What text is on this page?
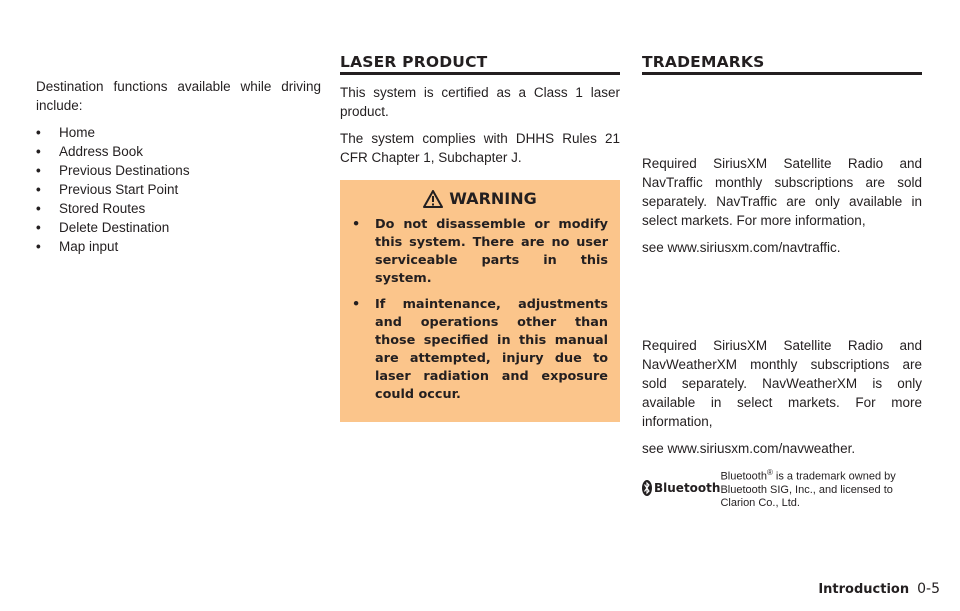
Destination functions available while driving include:

• Home
• Address Book
• Previous Destinations
• Previous Start Point
• Stored Routes
• Delete Destination
• Map input
LASER PRODUCT

This system is certified as a Class 1 laser product.

The system complies with DHHS Rules 21 CFR Chapter 1, Subchapter J.

WARNING
• Do not disassemble or modify this system. There are no user serviceable parts in this system.
• If maintenance, adjustments and operations other than those specified in this manual are attempted, injury due to laser radiation and exposure could occur.
TRADEMARKS

Required SiriusXM Satellite Radio and NavTraffic monthly subscriptions are sold separately. NavTraffic are only available in select markets. For more information,

see www.siriusxm.com/navtraffic.

Required SiriusXM Satellite Radio and NavWeatherXM monthly subscriptions are sold separately. NavWeatherXM is only available in select markets. For more information,

see www.siriusxm.com/navweather.

Bluetooth
Bluetooth® is a trademark owned by Bluetooth SIG, Inc., and licensed to Clarion Co., Ltd.
Introduction 0-5
